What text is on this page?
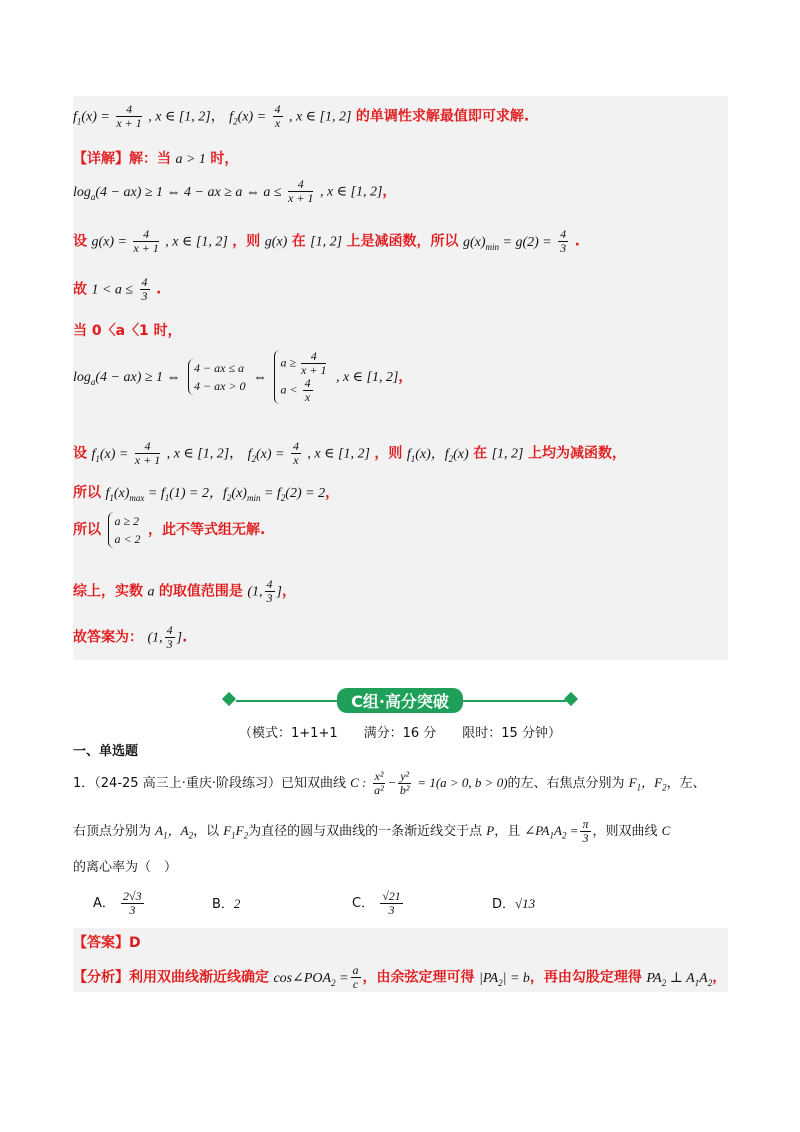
$f_1(x) = \frac{4}{x + 1}$ , x ∈ [1, 2]， $f_2(x) = \frac{4}{x}$ , x ∈ [1, 2] 的单调性求解最值即可求解.
【详解】解：当 a > 1 时，
$\log_a(4 - ax) \ge 1$ ⇔ 4 − ax ≥ a ⇔ $a \le \frac{4}{x + 1}$ , x ∈ [1, 2]，
设 $g(x) = \frac{4}{x + 1}$ , x ∈ [1, 2] ，则 g(x) 在 [1, 2] 上是减函数，所以 $g(x)_{min} = g(2) = \frac{4}{3}$ .
故 $1 < a \le \frac{4}{3}$ .
当 0〈a〈1 时，
$\log_a(4 - ax) \ge 1$ ⇔
4 − ax ≤ a
4 − ax > 0
⇔
$a \ge \frac{4}{x + 1}$
$a < \frac{4}{x}$ , x ∈ [1, 2]，
设 $f_1(x) = \frac{4}{x + 1}$ , x ∈ [1, 2]， $f_2(x) = \frac{4}{x}$ , x ∈ [1, 2] ，则 $f_1(x)$，$f_2(x)$ 在 [1, 2] 上均为减函数，
所以 $f_1(x)_{max} = f_1(1) = 2$，$f_2(x)_{min} = f_2(2) = 2$，
所以
a ≥ 2
a < 2
，此不等式组无解.
综上，实数 a 的取值范围是 (1, $\frac{4}{3}$ ]，
故答案为： (1, $\frac{4}{3}$ ].
C组·高分突破
（模式：1+1+1　　满分：16 分　　限时：15 分钟）
一、单选题
1．（24-25 高三上·重庆·阶段练习）已知双曲线 C : $\frac{\text{x²}}{\text{a²}} - \frac{\text{y²}}{\text{b²}} = 1(a > 0$, b > 0)的左、右焦点分别为 $F_1$，$F_2$，左、
右顶点分别为 $A_1$，$A_2$，以 $F_1F_2$为直径的圆与双曲线的一条渐近线交于点 P，且 $\angle PA_1A_2 = \frac{\pi}{3}$ ，则双曲线 C
的离心率为（　）
A． $\frac{2√3}{3}$	B．2	C． $\frac{√21}{3}$	D．√13
【答案】D
【分析】利用双曲线渐近线确定 $\cos\angle POA_2 = \frac{a}{c}$ ，由余弦定理可得 $|PA_2| = b$，再由勾股定理得 $PA_2$ ⊥ $A_1A_2$，
